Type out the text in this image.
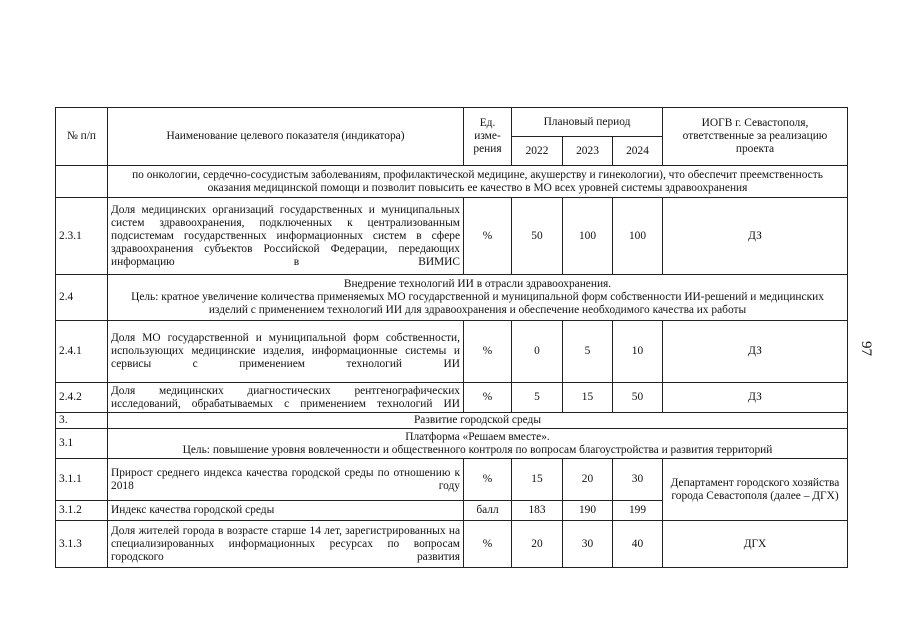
№ п/п	Наименование целевого показателя (индикатора)	Ед. изме- рения	Плановый период			ИОГВ г. Севастополя, ответственные за реализацию проекта
			2022	2023	2024	
	по онкологии, сердечно-сосудистым заболеваниям, профилактической медицине, акушерству и гинекологии), что обеспечит преемственность оказания медицинской помощи и позволит повысить ее качество в МО всех уровней системы здравоохранения					
2.3.1	Доля медицинских организаций государственных и муниципальных систем здравоохранения, подключенных к централизованным подсистемам государственных информационных систем в сфере здравоохранения субъектов Российской Федерации, передающих информацию в ВИМИС	%	50	100	100	ДЗ
2.4	Внедрение технологий ИИ в отрасли здравоохранения.
Цель: кратное увеличение количества применяемых МО государственной и муниципальной форм собственности ИИ-решений и медицинских изделий с применением технологий ИИ для здравоохранения и обеспечение необходимого качества их работы					

2.4.1	Доля МО государственной и муниципальной форм собственности, использующих медицинские изделия, информационные системы и сервисы с применением технологий ИИ	%	0	5	10	ДЗ
2.4.2	Доля медицинских диагностических рентгенографических исследований, обрабатываемых с применением технологий ИИ	%	5	15	50	ДЗ
3.	Развитие городской среды					
3.1	Платформа «Решаем вместе».
Цель: повышение уровня вовлеченности и общественного контроля по вопросам благоустройства и развития территорий					

3.1.1	Прирост среднего индекса качества городской среды по отношению к 2018 году	%	15	20	30	Департамент городского хозяйства города Севастополя (далее – ДГХ)
3.1.2	Индекс качества городской среды	балл	183	190	199	
3.1.3	Доля жителей города в возрасте старше 14 лет, зарегистрированных на специализированных информационных ресурсах по вопросам городского развития	%	20	30	40	ДГХ
97
